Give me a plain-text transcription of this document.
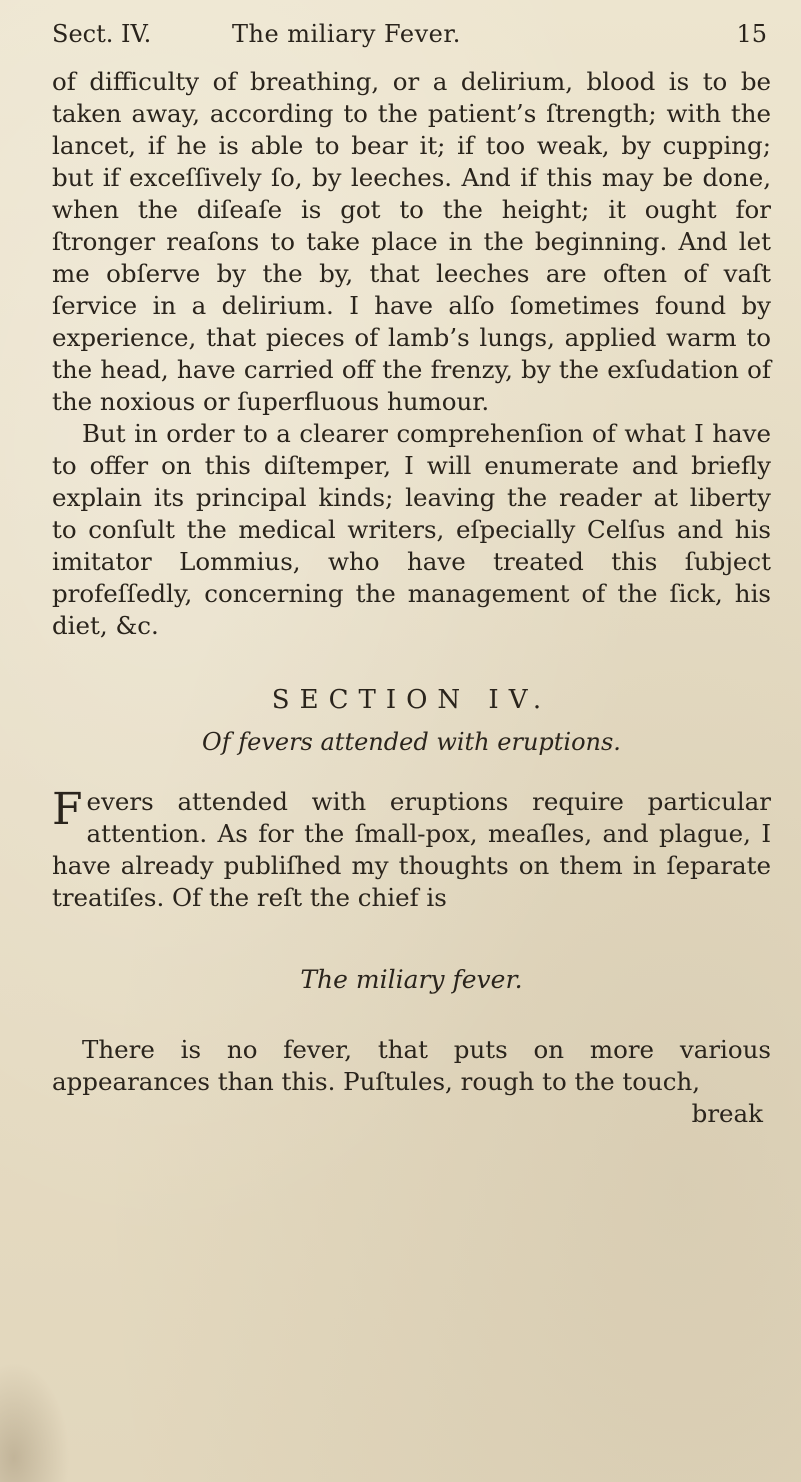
Sect. IV.	The miliary Fever.	15

of difficulty of breathing, or a delirium, blood is to be taken away, according to the patient’s ſtrength; with the lancet, if he is able to bear it; if too weak, by cupping; but if exceſſively ſo, by leeches. And if this may be done, when the diſeaſe is got to the height; it ought for ſtronger reaſons to take place in the beginning. And let me obſerve by the by, that leeches are often of vaſt ſervice in a delirium. I have alſo ſometimes found by experience, that pieces of lamb’s lungs, applied warm to the head, have carried off the frenzy, by the exſudation of the noxious or ſuperfluous humour.

But in order to a clearer comprehenſion of what I have to offer on this diſtemper, I will enumerate and briefly explain its principal kinds; leaving the reader at liberty to conſult the medical writers, eſpecially Celſus and his imitator Lommius, who have treated this ſubject profeſſedly, concerning the management of the ſick, his diet, &c.

SECTION IV.
Of fevers attended with eruptions.

Fevers attended with eruptions require particular attention. As for the ſmall-pox, meaſles, and plague, I have already publiſhed my thoughts on them in ſeparate treatiſes. Of the reſt the chief is

The miliary fever.

There is no fever, that puts on more various appearances than this. Puſtules, rough to the touch,

break
